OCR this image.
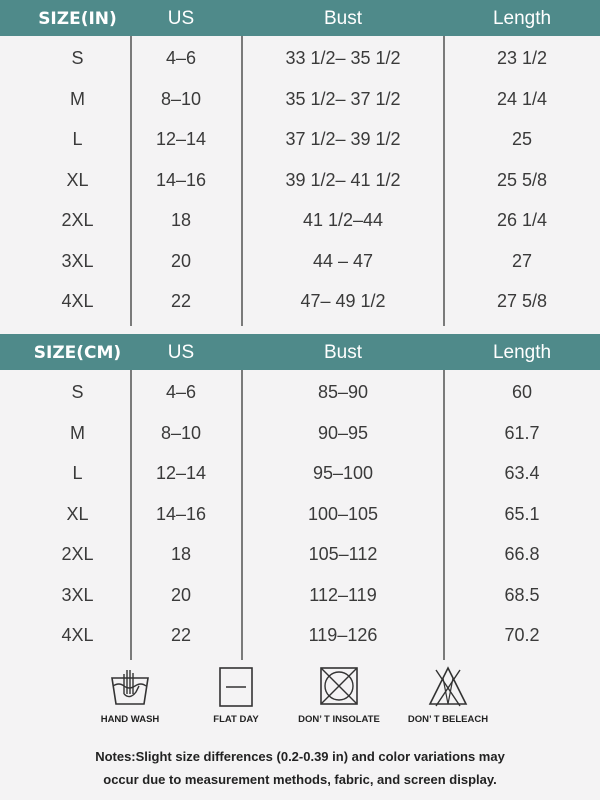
SIZE(IN)	US	Bust	Length
S	4–6	33 1/2– 35 1/2	23 1/2
M	8–10	35 1/2– 37 1/2	24 1/4
L	12–14	37 1/2– 39 1/2	25
XL	14–16	39 1/2– 41 1/2	25 5/8
2XL	18	41 1/2–44	26 1/4
3XL	20	44 – 47	27
4XL	22	47– 49 1/2	27 5/8
SIZE(CM)	US	Bust	Length
S	4–6	85–90	60
M	8–10	90–95	61.7
L	12–14	95–100	63.4
XL	14–16	100–105	65.1
2XL	18	105–112	66.8
3XL	20	112–119	68.5
4XL	22	119–126	70.2
HAND WASH	FLAT DAY	DON’ T INSOLATE	DON’ T BELEACH
Notes:Slight size differences (0.2-0.39 in) and color variations may
occur due to measurement methods, fabric, and screen display.
